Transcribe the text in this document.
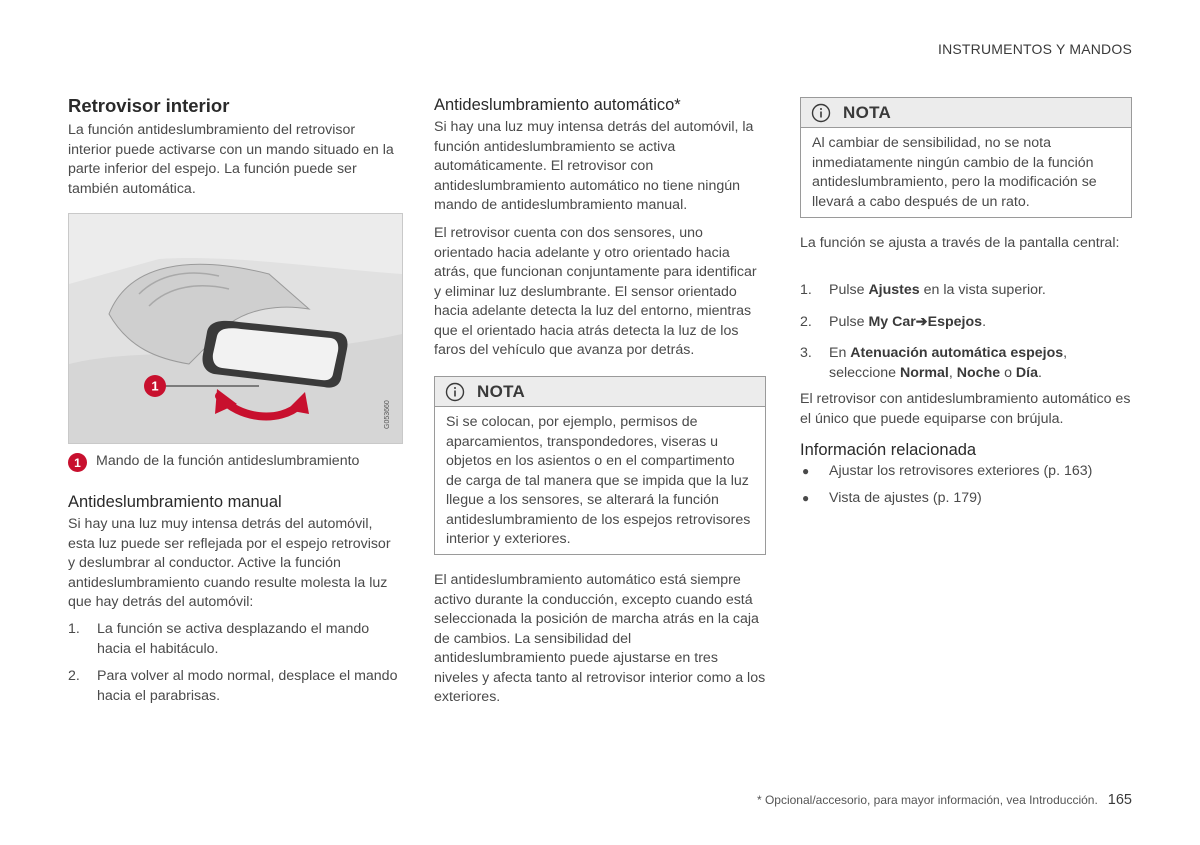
INSTRUMENTOS Y MANDOS
Retrovisor interior

La función antideslumbramiento del retrovisor interior puede activarse con un mando situado en la parte inferior del espejo. La función puede ser también automática.

1
G053660
1	Mando de la función antideslumbramiento

Antideslumbramiento manual

Si hay una luz muy intensa detrás del automóvil, esta luz puede ser reflejada por el espejo retrovisor y deslumbrar al conductor. Active la función antideslumbramiento cuando resulte molesta la luz que hay detrás del automóvil:

1. La función se activa desplazando el mando hacia el habitáculo.
2. Para volver al modo normal, desplace el mando hacia el parabrisas.
Antideslumbramiento automático*

Si hay una luz muy intensa detrás del automóvil, la función antideslumbramiento se activa automáticamente. El retrovisor con antideslumbramiento automático no tiene ningún mando de antideslumbramiento manual.

El retrovisor cuenta con dos sensores, uno orientado hacia adelante y otro orientado hacia atrás, que funcionan conjuntamente para identificar y eliminar luz deslumbrante. El sensor orientado hacia adelante detecta la luz del entorno, mientras que el orientado hacia atrás detecta la luz de los faros del vehículo que avanza por detrás.

NOTA

Si se colocan, por ejemplo, permisos de aparcamientos, transpondedores, viseras u objetos en los asientos o en el compartimento de carga de tal manera que se impida que la luz llegue a los sensores, se alterará la función antideslumbramiento de los espejos retrovisores interior y exteriores.

El antideslumbramiento automático está siempre activo durante la conducción, excepto cuando está seleccionada la posición de marcha atrás en la caja de cambios. La sensibilidad del antideslumbramiento puede ajustarse en tres niveles y afecta tanto al retrovisor interior como a los exteriores.

NOTA

Al cambiar de sensibilidad, no se nota inmediatamente ningún cambio de la función antideslumbramiento, pero la modificación se llevará a cabo después de un rato.

La función se ajusta a través de la pantalla central:

1. Pulse Ajustes en la vista superior.
2. Pulse My Car➔Espejos.
3. En Atenuación automática espejos, seleccione Normal, Noche o Día.

El retrovisor con antideslumbramiento automático es el único que puede equiparse con brújula.

Información relacionada
● Ajustar los retrovisores exteriores (p. 163)
● Vista de ajustes (p. 179)
* Opcional/accesorio, para mayor información, vea Introducción. 165
